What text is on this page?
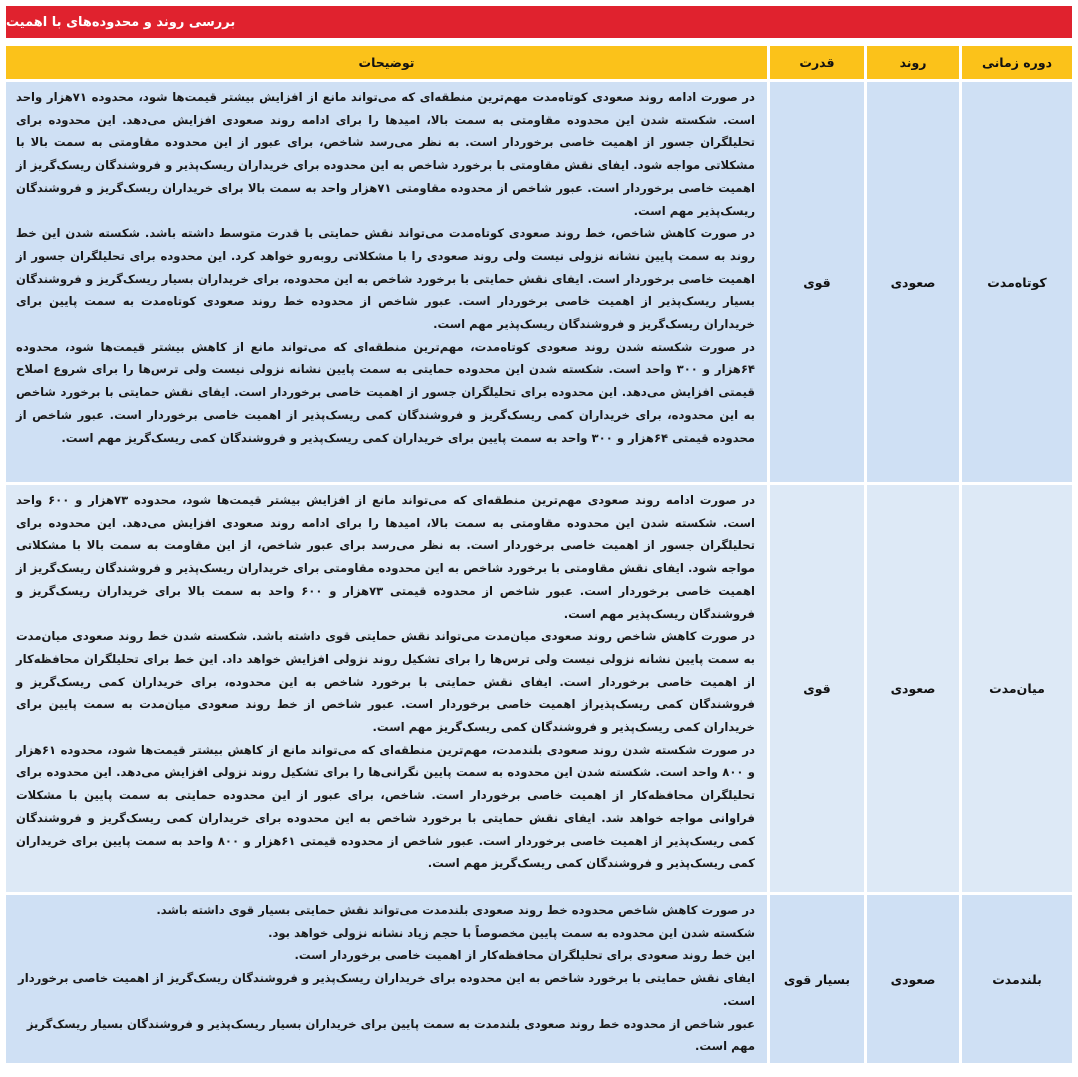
بررسی روند و محدوده‌های با اهمیت
دوره زمانی
روند
قدرت
توضیحات
کوتاه‌مدت
صعودی
قوی

در صورت ادامه روند صعودی کوتاه‌مدت مهم‌ترین منطقه‌ای که می‌تواند مانع از افزایش بیشتر قیمت‌ها شود، محدوده ۷۱هزار واحد است. شکسته شدن این محدوده مقاومتی به سمت بالا، امیدها را برای ادامه روند صعودی افزایش می‌دهد. این محدوده برای تحلیلگران جسور از اهمیت خاصی برخوردار است. به نظر می‌رسد شاخص، برای عبور از این محدوده مقاومتی به سمت بالا با مشکلاتی مواجه شود. ایفای نقش مقاومتی با برخورد شاخص به این محدوده برای خریداران ریسک‌پذیر و فروشندگان ریسک‌گریز از اهمیت خاصی برخوردار است. عبور شاخص از محدوده مقاومتی ۷۱هزار واحد به سمت بالا برای خریداران ریسک‌گریز و فروشندگان ریسک‌پذیر مهم است.
در صورت کاهش شاخص، خط روند صعودی کوتاه‌مدت می‌تواند نقش حمایتی با قدرت متوسط داشته باشد. شکسته شدن این خط روند به سمت پایین نشانه نزولی نیست ولی روند صعودی را با مشکلاتی روبه‌رو خواهد کرد. این محدوده برای تحلیلگران جسور از اهمیت خاصی برخوردار است. ایفای نقش حمایتی با برخورد شاخص به این محدوده، برای خریداران بسیار ریسک‌گریز و فروشندگان بسیار ریسک‌پذیر از اهمیت خاصی برخوردار است. عبور شاخص از محدوده خط روند صعودی کوتاه‌مدت به سمت پایین برای خریداران ریسک‌گریز و فروشندگان ریسک‌پذیر مهم است.
در صورت شکسته شدن روند صعودی کوتاه‌مدت، مهم‌ترین منطقه‌ای که می‌تواند مانع از کاهش بیشتر قیمت‌ها شود، محدوده ۶۴هزار و ۳۰۰ واحد است. شکسته شدن این محدوده حمایتی به سمت پایین نشانه نزولی نیست ولی ترس‌ها را برای شروع اصلاح قیمتی افزایش می‌دهد. این محدوده برای تحلیلگران جسور از اهمیت خاصی برخوردار است. ایفای نقش حمایتی با برخورد شاخص به این محدوده، برای خریداران کمی ریسک‌گریز و فروشندگان کمی ریسک‌پذیر از اهمیت خاصی برخوردار است. عبور شاخص از محدوده قیمتی ۶۴هزار و ۳۰۰ واحد به سمت پایین برای خریداران کمی ریسک‌پذیر و فروشندگان کمی ریسک‌گریز مهم است.

میان‌مدت
صعودی
قوی

در صورت ادامه روند صعودی مهم‌ترین منطقه‌ای که می‌تواند مانع از افزایش بیشتر قیمت‌ها شود، محدوده ۷۳هزار و ۶۰۰ واحد است. شکسته شدن این محدوده مقاومتی به سمت بالا، امیدها را برای ادامه روند صعودی افزایش می‌دهد. این محدوده برای تحلیلگران جسور از اهمیت خاصی برخوردار است. به نظر می‌رسد برای عبور شاخص، از این مقاومت به سمت بالا با مشکلاتی مواجه شود. ایفای نقش مقاومتی با برخورد شاخص به این محدوده مقاومتی برای خریداران ریسک‌پذیر و فروشندگان ریسک‌گریز از اهمیت خاصی برخوردار است. عبور شاخص از محدوده قیمتی ۷۳هزار و ۶۰۰ واحد به سمت بالا برای خریداران ریسک‌گریز و فروشندگان ریسک‌پذیر مهم است.
در صورت کاهش شاخص روند صعودی میان‌مدت می‌تواند نقش حمایتی قوی داشته باشد. شکسته شدن خط روند صعودی میان‌مدت به سمت پایین نشانه نزولی نیست ولی ترس‌ها را برای تشکیل روند نزولی افزایش خواهد داد. این خط برای تحلیلگران محافظه‌کار از اهمیت خاصی برخوردار است. ایفای نقش حمایتی با برخورد شاخص به این محدوده، برای خریداران کمی ریسک‌گریز و فروشندگان کمی ریسک‌پذیراز اهمیت خاصی برخوردار است. عبور شاخص از خط روند صعودی میان‌مدت به سمت پایین برای خریداران کمی ریسک‌پذیر و فروشندگان کمی ریسک‌گریز مهم است.
در صورت شکسته شدن روند صعودی بلندمدت، مهم‌ترین منطقه‌ای که می‌تواند مانع از کاهش بیشتر قیمت‌ها شود، محدوده ۶۱هزار و ۸۰۰ واحد است. شکسته شدن این محدوده به سمت پایین نگرانی‌ها را برای تشکیل روند نزولی افزایش می‌دهد. این محدوده برای تحلیلگران محافظه‌کار از اهمیت خاصی برخوردار است. شاخص، برای عبور از این محدوده حمایتی به سمت پایین با مشکلات فراوانی مواجه خواهد شد. ایفای نقش حمایتی با برخورد شاخص به این محدوده برای خریداران کمی ریسک‌گریز و فروشندگان کمی ریسک‌پذیر از اهمیت خاصی برخوردار است. عبور شاخص از محدوده قیمتی ۶۱هزار و ۸۰۰ واحد به سمت پایین برای خریداران کمی ریسک‌پذیر و فروشندگان کمی ریسک‌گریز مهم است.

بلندمدت
صعودی
بسیار قوی

در صورت کاهش شاخص محدوده خط روند صعودی بلندمدت می‌تواند نقش حمایتی بسیار قوی داشته باشد.
شکسته شدن این محدوده به سمت پایین مخصوصاً با حجم زیاد نشانه نزولی خواهد بود.
این خط روند صعودی برای تحلیلگران محافظه‌کار از اهمیت خاصی برخوردار است.
ایفای نقش حمایتی با برخورد شاخص به این محدوده برای خریداران ریسک‌پذیر و فروشندگان ریسک‌گریز از اهمیت خاصی برخوردار است.
عبور شاخص از محدوده خط روند صعودی بلندمدت به سمت پایین برای خریداران بسیار ریسک‌پذیر و فروشندگان بسیار ریسک‌گریز مهم است.
